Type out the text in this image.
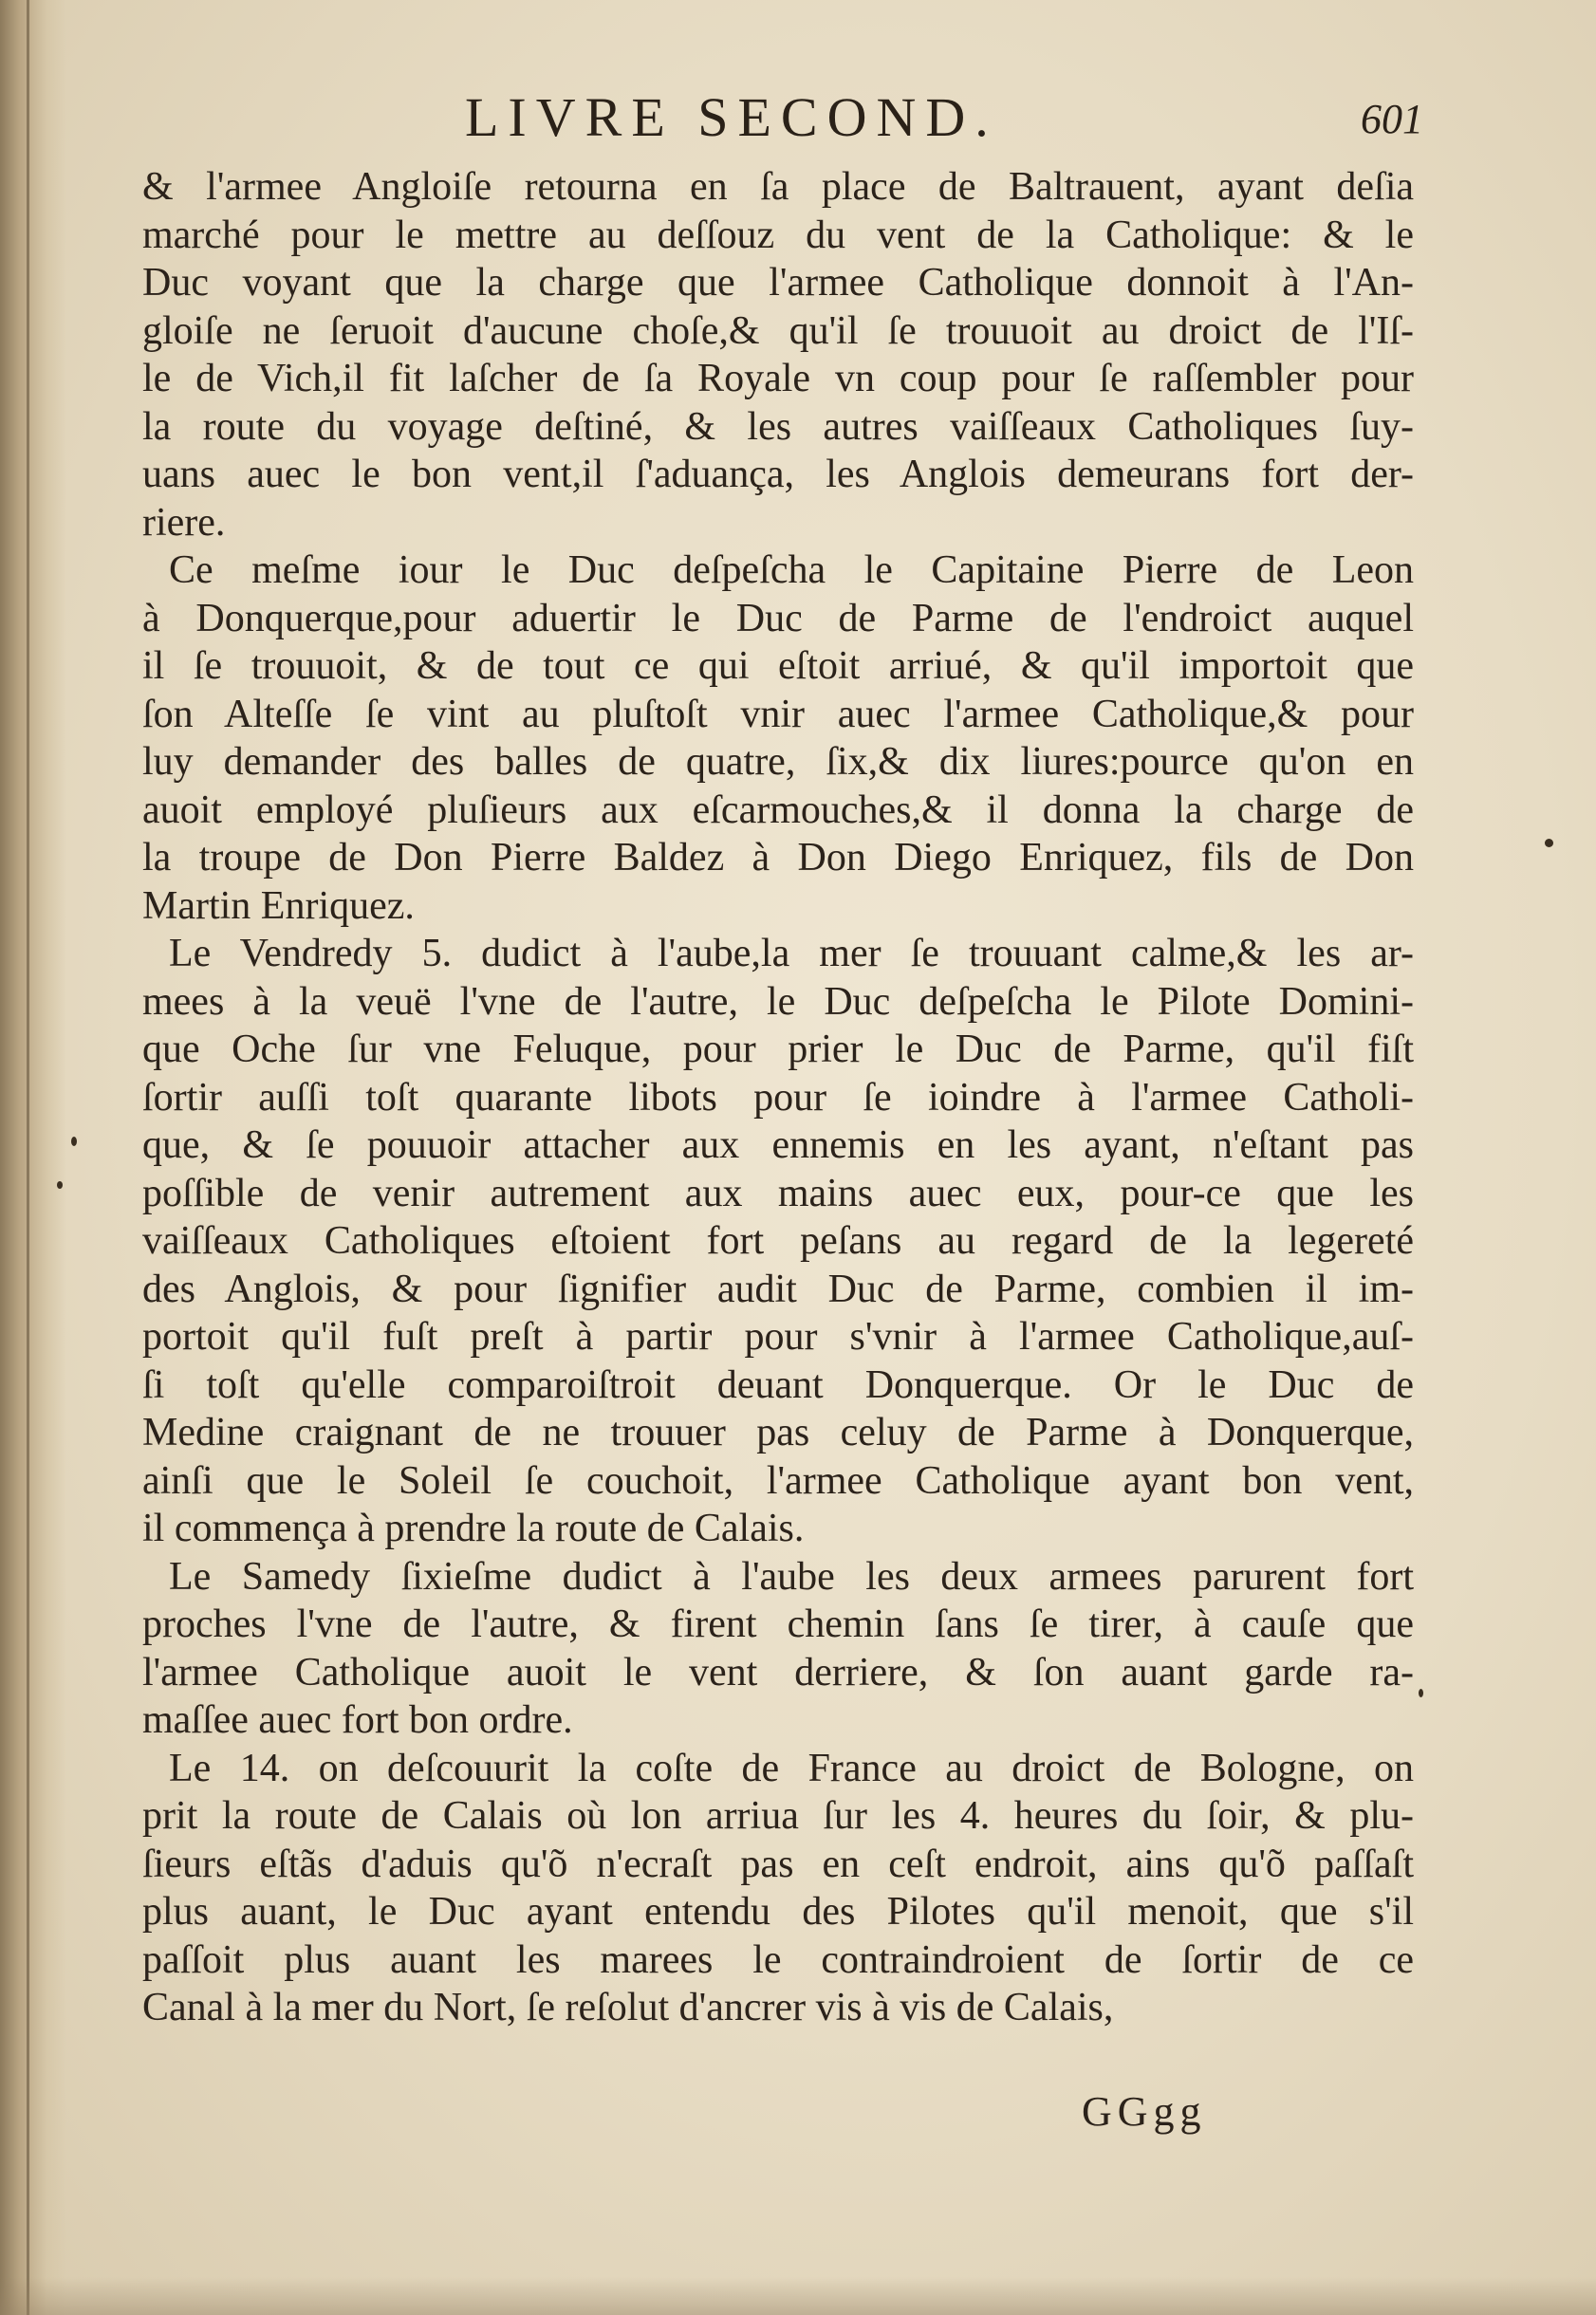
LIVRE SECOND.	601
& l'armee Angloiſe retourna en ſa place de Baltrauent, ayant deſia
marché pour le mettre au deſſouz du vent de la Catholique: & le
Duc voyant que la charge que l'armee Catholique donnoit à l'An-
gloiſe ne ſeruoit d'aucune choſe,& qu'il ſe trouuoit au droict de l'Iſ-
le de Vich,il fit laſcher de ſa Royale vn coup pour ſe raſſembler pour
la route du voyage deſtiné, & les autres vaiſſeaux Catholiques ſuy-
uans auec le bon vent,il ſ'aduança, les Anglois demeurans fort der-
riere.
Ce meſme iour le Duc deſpeſcha le Capitaine Pierre de Leon
à Donquerque,pour aduertir le Duc de Parme de l'endroict auquel
il ſe trouuoit, & de tout ce qui eſtoit arriué, & qu'il importoit que
ſon Alteſſe ſe vint au pluſtoſt vnir auec l'armee Catholique,& pour
luy demander des balles de quatre, ſix,& dix liures:pource qu'on en
auoit employé pluſieurs aux eſcarmouches,& il donna la charge de
la troupe de Don Pierre Baldez à Don Diego Enriquez, fils de Don
Martin Enriquez.
Le Vendredy 5. dudict à l'aube,la mer ſe trouuant calme,& les ar-
mees à la veuë l'vne de l'autre, le Duc deſpeſcha le Pilote Domini-
que Oche ſur vne Feluque, pour prier le Duc de Parme, qu'il fiſt
ſortir auſſi toſt quarante libots pour ſe ioindre à l'armee Catholi-
que, & ſe pouuoir attacher aux ennemis en les ayant, n'eſtant pas
poſſible de venir autrement aux mains auec eux, pour-ce que les
vaiſſeaux Catholiques eſtoient fort peſans au regard de la legereté
des Anglois, & pour ſignifier audit Duc de Parme, combien il im-
portoit qu'il fuſt preſt à partir pour s'vnir à l'armee Catholique,auſ-
ſi toſt qu'elle comparoiſtroit deuant Donquerque. Or le Duc de
Medine craignant de ne trouuer pas celuy de Parme à Donquerque,
ainſi que le Soleil ſe couchoit, l'armee Catholique ayant bon vent,
il commença à prendre la route de Calais.
Le Samedy ſixieſme dudict à l'aube les deux armees parurent fort
proches l'vne de l'autre, & firent chemin ſans ſe tirer, à cauſe que
l'armee Catholique auoit le vent derriere, & ſon auant garde ra-
maſſee auec fort bon ordre.
Le 14. on deſcouurit la coſte de France au droict de Bologne, on
prit la route de Calais où lon arriua ſur les 4. heures du ſoir, & plu-
ſieurs eſtãs d'aduis qu'õ n'ecraſt pas en ceſt endroit, ains qu'õ paſſaſt
plus auant, le Duc ayant entendu des Pilotes qu'il menoit, que s'il
paſſoit plus auant les marees le contraindroient de ſortir de ce
Canal à la mer du Nort, ſe reſolut d'ancrer vis à vis de Calais,
GGgg
